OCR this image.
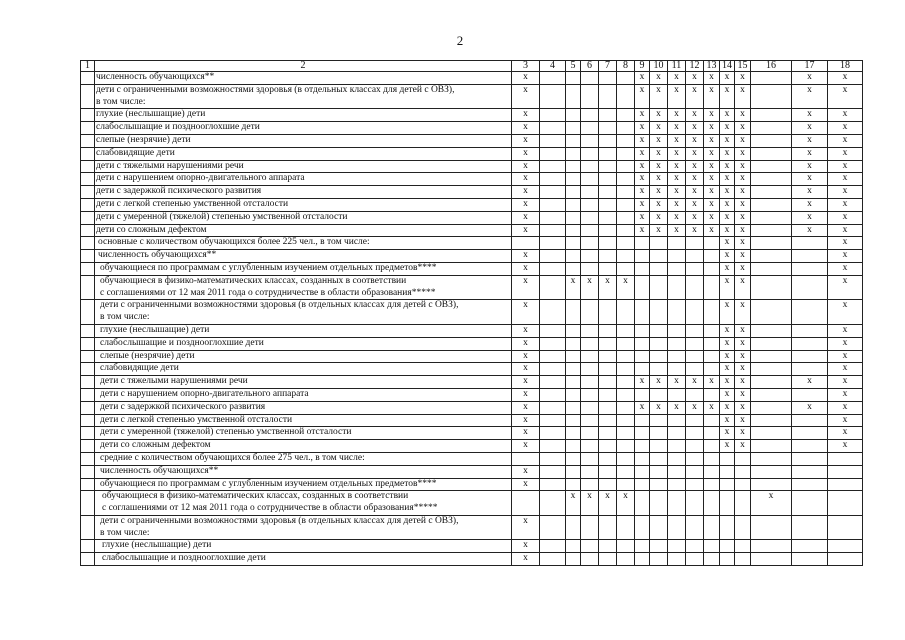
2
1	2	3	4	5	6	7	8	9	10	11	12	13	14	15	16	17	18
	численность обучающихся**	x						x	x	x	x	x	x	x		x	x
	дети с ограниченными возможностями здоровья (в отдельных классах для детей с ОВЗ),
в том числе:	x						x	x	x	x	x	x	x		x	x
	глухие (неслышащие) дети	x						x	x	x	x	x	x	x		x	x
	слабослышащие и позднооглохшие дети	x						x	x	x	x	x	x	x		x	x
	слепые (незрячие) дети	x						x	x	x	x	x	x	x		x	x
	слабовидящие дети	x						x	x	x	x	x	x	x		x	x
	дети с тяжелыми нарушениями речи	x						x	x	x	x	x	x	x		x	x
	дети с нарушением опорно-двигательного аппарата	x						x	x	x	x	x	x	x		x	x
	дети с задержкой психического развития	x						x	x	x	x	x	x	x		x	x
	дети с легкой степенью умственной отсталости	x						x	x	x	x	x	x	x		x	x
	дети с умеренной (тяжелой) степенью умственной отсталости	x						x	x	x	x	x	x	x		x	x
	дети со сложным дефектом	x						x	x	x	x	x	x	x		x	x
	основные с количеством обучающихся более 225 чел., в том числе:												x	x			x
	численность обучающихся**	x											x	x			x
	обучающиеся по программам с углубленным изучением отдельных предметов****	x											x	x			x
	обучающиеся в физико-математических классах, созданных в соответствии
с соглашениями от 12 мая 2011 года о сотрудничестве в области образования*****	x		x	x	x	x						x	x			x
	дети с ограниченными возможностями здоровья (в отдельных классах для детей с ОВЗ),
в том числе:	x											x	x			x
	глухие (неслышащие) дети	x											x	x			x
	слабослышащие и позднооглохшие дети	x											x	x			x
	слепые (незрячие) дети	x											x	x			x
	слабовидящие дети	x											x	x			x
	дети с тяжелыми нарушениями речи	x						x	x	x	x	x	x	x		x	x
	дети с нарушением опорно-двигательного аппарата	x											x	x			x
	дети с задержкой психического развития	x						x	x	x	x	x	x	x		x	x
	дети с легкой степенью умственной отсталости	x											x	x			x
	дети с умеренной (тяжелой) степенью умственной отсталости	x											x	x			x
	дети со сложным дефектом	x											x	x			x
	средние с количеством обучающихся более 275 чел., в том числе:																
	численность обучающихся**	x															
	обучающиеся по программам с углубленным изучением отдельных предметов****	x															
	обучающиеся в физико-математических классах, созданных в соответствии
с соглашениями от 12 мая 2011 года о сотрудничестве в области образования*****			x	x	x	x								x		
	дети с ограниченными возможностями здоровья (в отдельных классах для детей с ОВЗ),
в том числе:	x															
	глухие (неслышащие) дети	x															
	слабослышащие и позднооглохшие дети	x															
